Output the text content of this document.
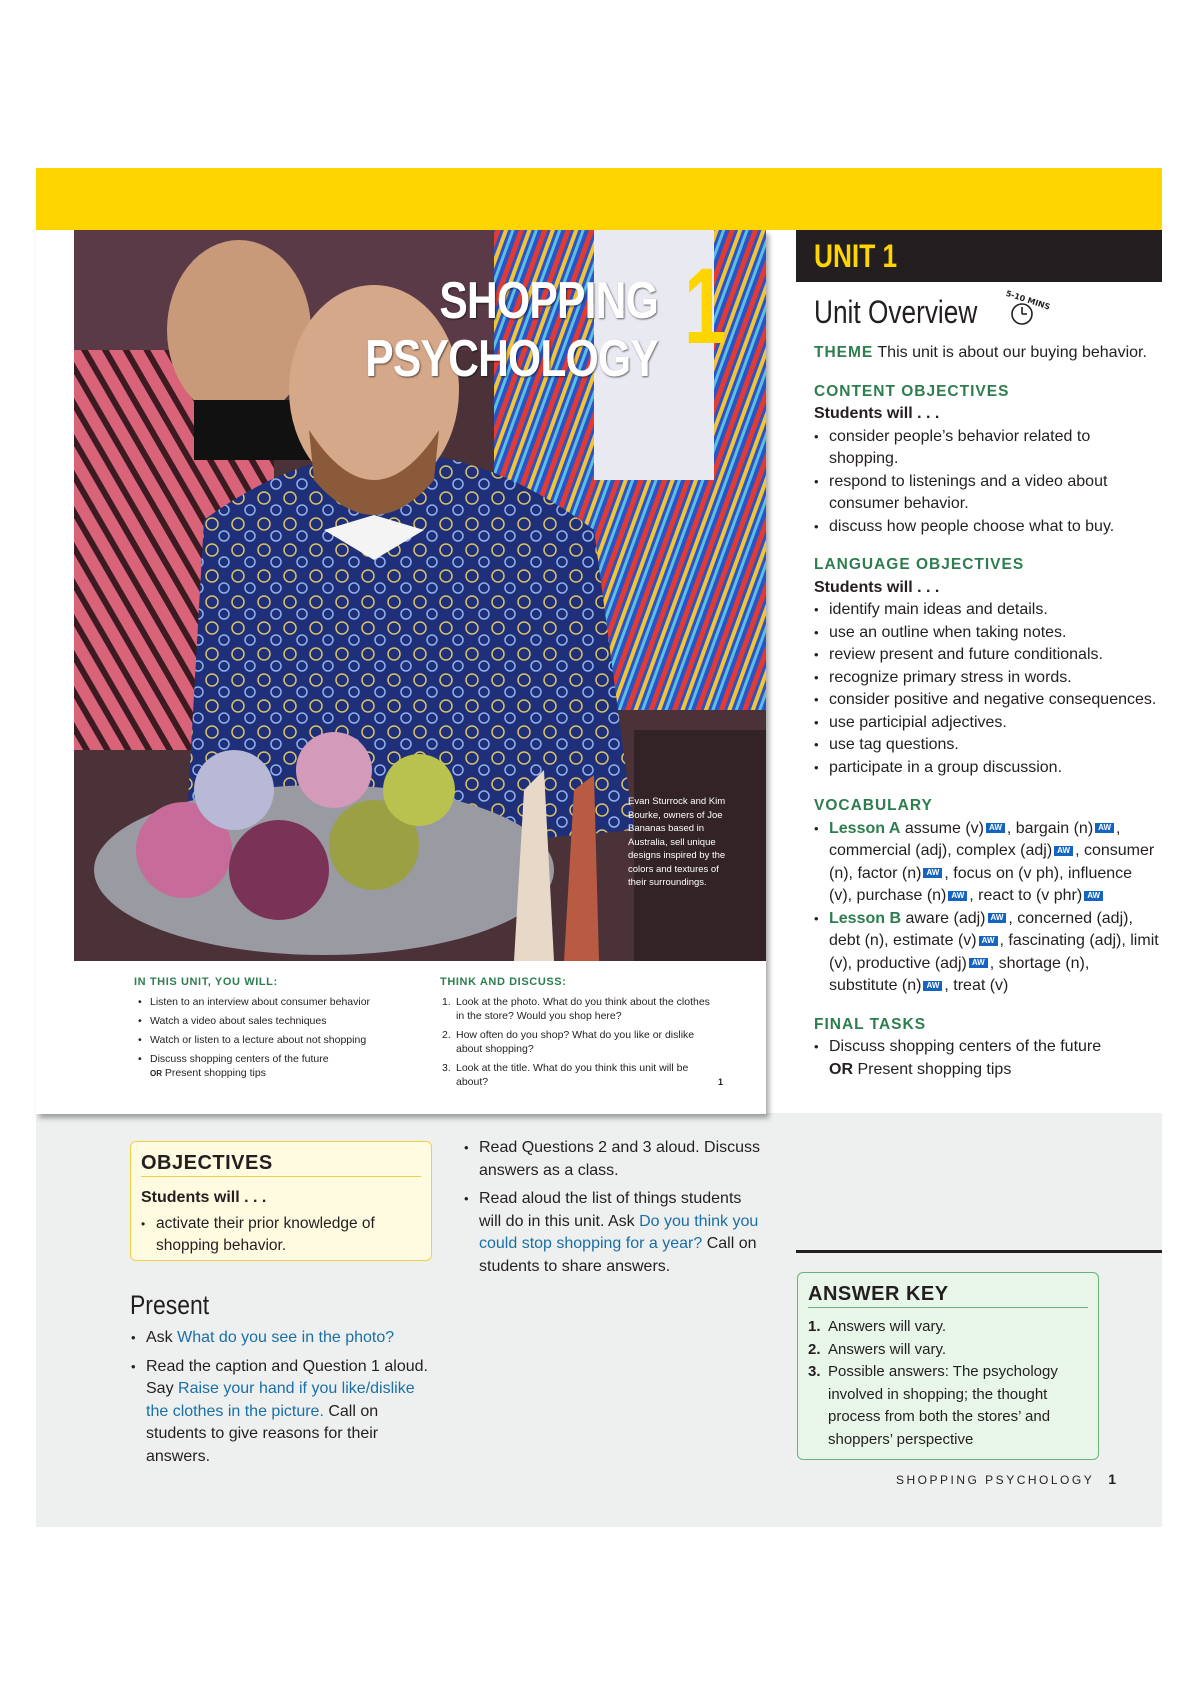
SHOPPING
PSYCHOLOGY 1
Evan Sturrock and Kim Bourke, owners of Joe Bananas based in Australia, sell unique designs inspired by the colors and textures of their surroundings.
IN THIS UNIT, YOU WILL:
• Listen to an interview about consumer behavior
• Watch a video about sales techniques
• Watch or listen to a lecture about not shopping
• Discuss shopping centers of the future
OR Present shopping tips
THINK AND DISCUSS:
1. Look at the photo. What do you think about the clothes in the store? Would you shop here?
2. How often do you shop? What do you like or dislike about shopping?
3. Look at the title. What do you think this unit will be about?	1
UNIT 1
Unit Overview	5-10 MINS
THEME This unit is about our buying behavior.
CONTENT OBJECTIVES
Students will . . .
• consider people’s behavior related to shopping.
• respond to listenings and a video about consumer behavior.
• discuss how people choose what to buy.
LANGUAGE OBJECTIVES
Students will . . .
• identify main ideas and details.
• use an outline when taking notes.
• review present and future conditionals.
• recognize primary stress in words.
• consider positive and negative consequences.
• use participial adjectives.
• use tag questions.
• participate in a group discussion.
VOCABULARY
• Lesson A assume (v) AW , bargain (n) AW , commercial (adj), complex (adj) AW , consumer (n), factor (n) AW , focus on (v ph), influence (v), purchase (n) AW , react to (v phr) AW
• Lesson B aware (adj) AW , concerned (adj), debt (n), estimate (v) AW , fascinating (adj), limit (v), productive (adj) AW , shortage (n), substitute (n) AW , treat (v)
FINAL TASKS
• Discuss shopping centers of the future
OR Present shopping tips
OBJECTIVES
Students will . . .
• activate their prior knowledge of shopping behavior.
Present
• Ask What do you see in the photo?
• Read the caption and Question 1 aloud. Say Raise your hand if you like/dislike the clothes in the picture. Call on students to give reasons for their answers.
• Read Questions 2 and 3 aloud. Discuss answers as a class.
• Read aloud the list of things students will do in this unit. Ask Do you think you could stop shopping for a year? Call on students to share answers.
ANSWER KEY
1. Answers will vary.
2. Answers will vary.
3. Possible answers: The psychology involved in shopping; the thought process from both the stores’ and shoppers’ perspective
SHOPPING PSYCHOLOGY 1
